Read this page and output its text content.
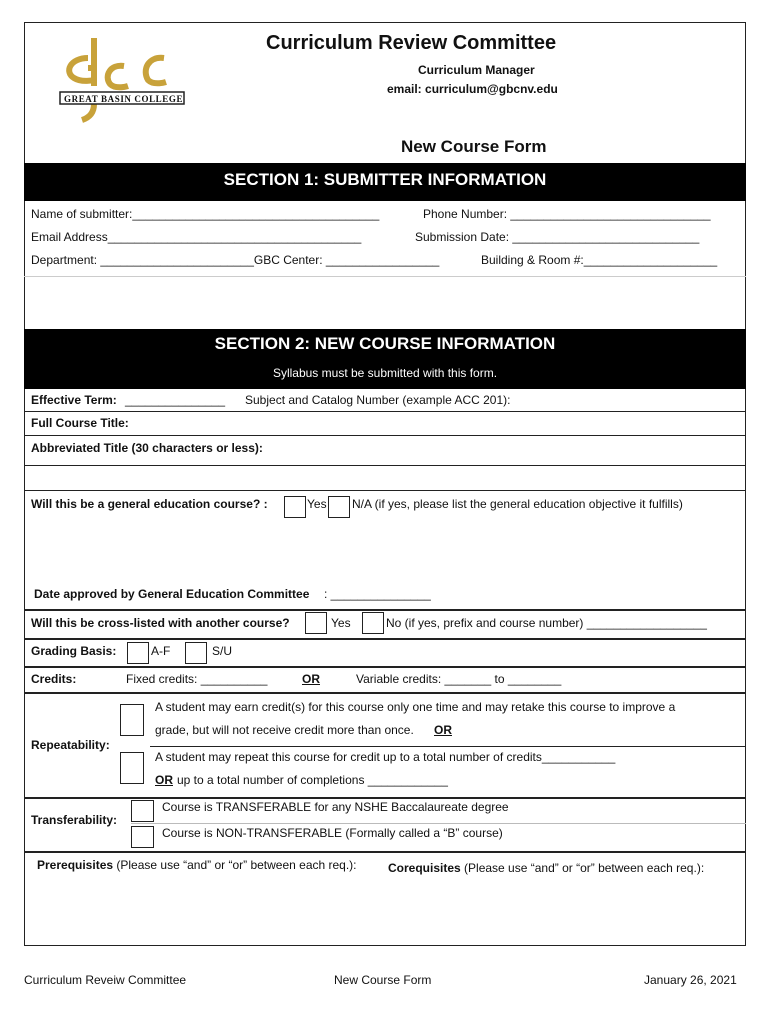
GREAT BASIN COLLEGE
Curriculum Review Committee
Curriculum Manager
email: curriculum@gbcnv.edu
New Course Form
SECTION 1: SUBMITTER INFORMATION
Name of submitter:_____________________________________	Phone Number: ______________________________
Email Address______________________________________	Submission Date: ____________________________
Department: _______________________GBC Center: _________________	Building & Room #:____________________
SECTION 2: NEW COURSE INFORMATION
Syllabus must be submitted with this form.
Effective Term: _______________ Subject and Catalog Number (example ACC 201):
Full Course Title:
Abbreviated Title (30 characters or less):
Will this be a general education course? :	Yes N/A (if yes, please list the general education objective it fulfills)
Date approved by General Education Committee : _______________
Will this be cross-listed with another course?	Yes	No (if yes, prefix and course number) __________________
Grading Basis:	A-F	S/U
Credits:	Fixed credits: __________	OR	Variable credits: _______ to ________
Repeatability:
A student may earn credit(s) for this course only one time and may retake this course to improve a
grade, but will not receive credit more than once. OR
A student may repeat this course for credit up to a total number of credits___________
OR up to a total number of completions ____________
Transferability:
Course is TRANSFERABLE for any NSHE Baccalaureate degree
Course is NON-TRANSFERABLE (Formally called a “B” course)
Prerequisites (Please use “and” or “or” between each req.):	Corequisites (Please use “and” or “or” between each req.):
Curriculum Reveiw Committee	New Course Form	January 26, 2021
